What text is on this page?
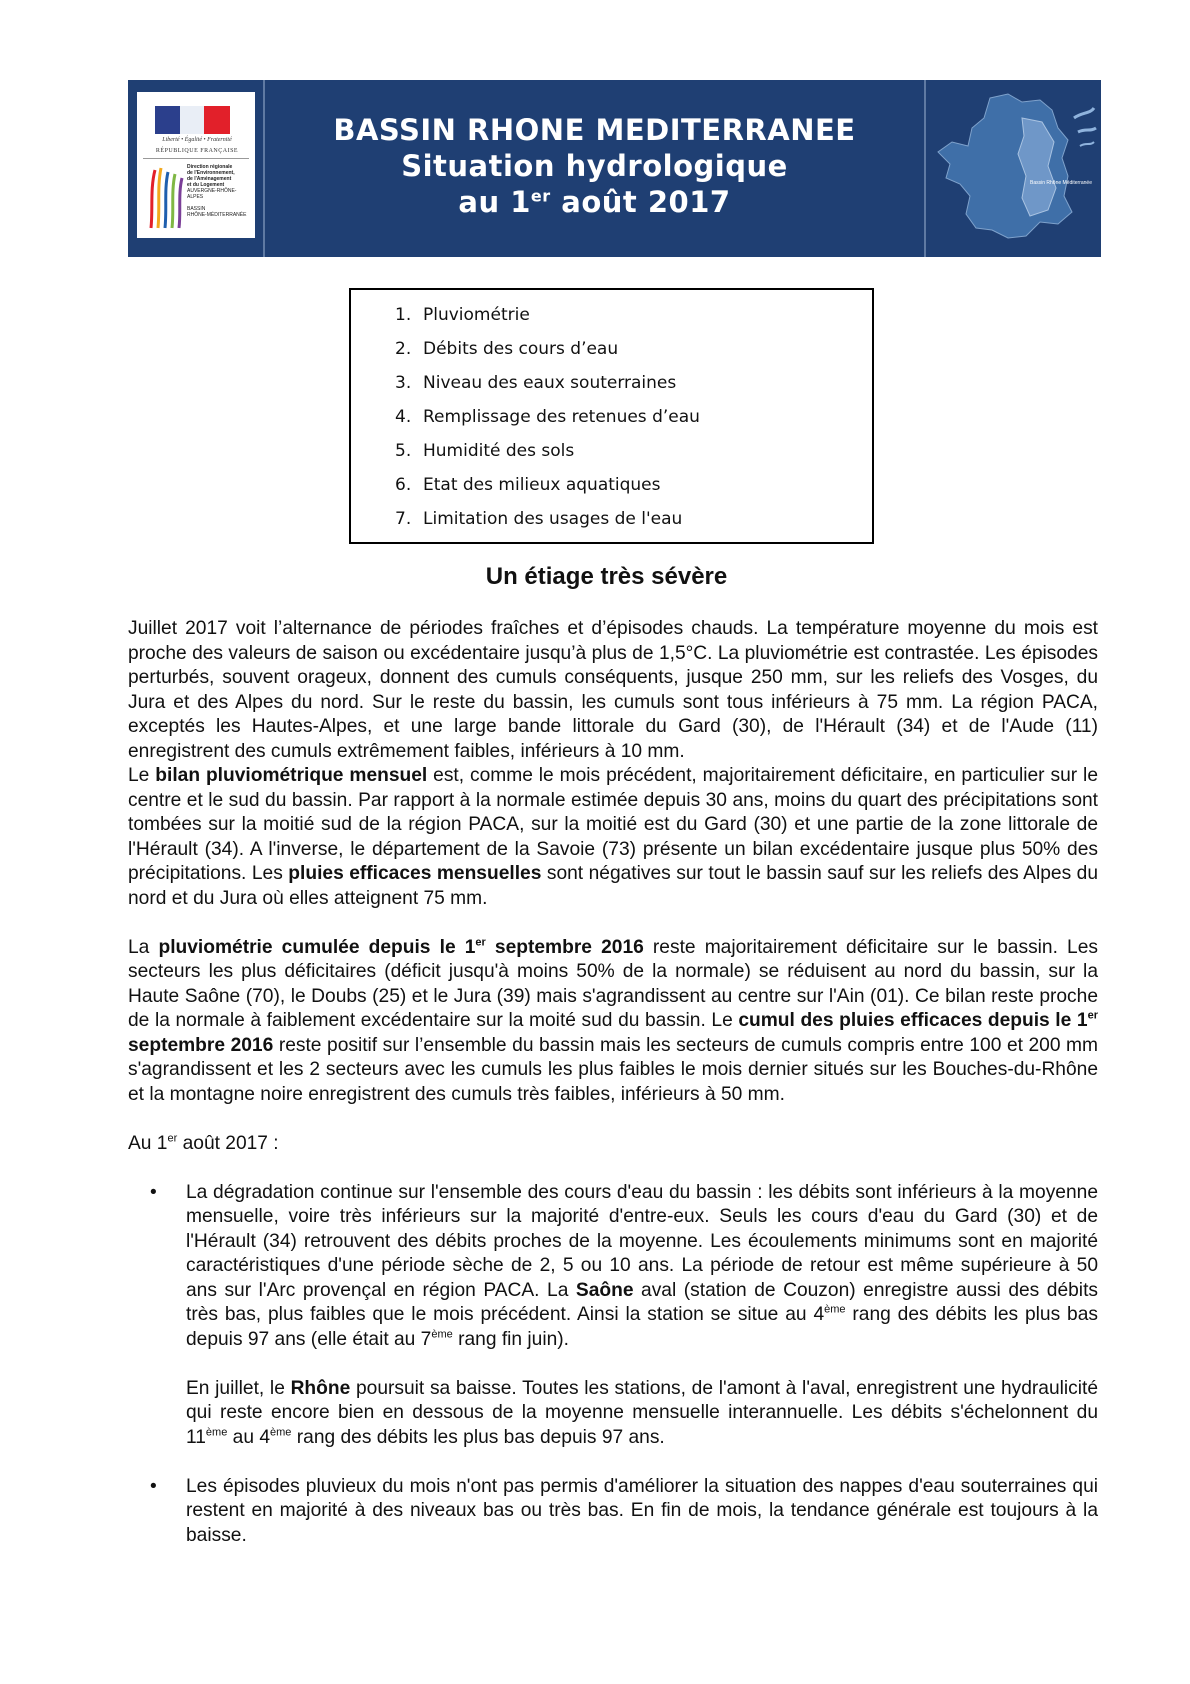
Liberté • Égalité • Fraternité
RÉPUBLIQUE FRANÇAISE
Direction régionale
de l'Environnement,
de l'Aménagement
et du Logement
AUVERGNE-RHÔNE-ALPES

BASSIN
RHÔNE-MÉDITERRANÉE
BASSIN RHONE MEDITERRANEE
Situation hydrologique
au 1er août 2017
Bassin Rhône Méditerranée
1. Pluviométrie
2. Débits des cours d’eau
3. Niveau des eaux souterraines
4. Remplissage des retenues d’eau
5. Humidité des sols
6. Etat des milieux aquatiques
7. Limitation des usages de l'eau
Un étiage très sévère

Juillet 2017 voit l’alternance de périodes fraîches et d’épisodes chauds. La température moyenne du mois est proche des valeurs de saison ou excédentaire jusqu’à plus de 1,5°C. La pluviométrie est contrastée. Les épisodes perturbés, souvent orageux, donnent des cumuls conséquents, jusque 250 mm, sur les reliefs des Vosges, du Jura et des Alpes du nord. Sur le reste du bassin, les cumuls sont tous inférieurs à 75 mm. La région PACA, exceptés les Hautes-Alpes, et une large bande littorale du Gard (30), de l'Hérault (34) et de l'Aude (11) enregistrent des cumuls extrêmement faibles, inférieurs à 10 mm.

Le bilan pluviométrique mensuel est, comme le mois précédent, majoritairement déficitaire, en particulier sur le centre et le sud du bassin. Par rapport à la normale estimée depuis 30 ans, moins du quart des précipitations sont tombées sur la moitié sud de la région PACA, sur la moitié est du Gard (30) et une partie de la zone littorale de l'Hérault (34). A l'inverse, le département de la Savoie (73) présente un bilan excédentaire jusque plus 50% des précipitations. Les pluies efficaces mensuelles sont négatives sur tout le bassin sauf sur les reliefs des Alpes du nord et du Jura où elles atteignent 75 mm.

La pluviométrie cumulée depuis le 1er septembre 2016 reste majoritairement déficitaire sur le bassin. Les secteurs les plus déficitaires (déficit jusqu'à moins 50% de la normale) se réduisent au nord du bassin, sur la Haute Saône (70), le Doubs (25) et le Jura (39) mais s'agrandissent au centre sur l'Ain (01). Ce bilan reste proche de la normale à faiblement excédentaire sur la moité sud du bassin. Le cumul des pluies efficaces depuis le 1er septembre 2016 reste positif sur l’ensemble du bassin mais les secteurs de cumuls compris entre 100 et 200 mm s'agrandissent et les 2 secteurs avec les cumuls les plus faibles le mois dernier situés sur les Bouches-du-Rhône et la montagne noire enregistrent des cumuls très faibles, inférieurs à 50 mm.

Au 1er août 2017 :

• La dégradation continue sur l'ensemble des cours d'eau du bassin : les débits sont inférieurs à la moyenne mensuelle, voire très inférieurs sur la majorité d'entre-eux. Seuls les cours d'eau du Gard (30) et de l'Hérault (34) retrouvent des débits proches de la moyenne. Les écoulements minimums sont en majorité caractéristiques d'une période sèche de 2, 5 ou 10 ans. La période de retour est même supérieure à 50 ans sur l'Arc provençal en région PACA. La Saône aval (station de Couzon) enregistre aussi des débits très bas, plus faibles que le mois précédent. Ainsi la station se situe au 4ème rang des débits les plus bas depuis 97 ans (elle était au 7ème rang fin juin).

En juillet, le Rhône poursuit sa baisse. Toutes les stations, de l'amont à l'aval, enregistrent une hydraulicité qui reste encore bien en dessous de la moyenne mensuelle interannuelle. Les débits s'échelonnent du 11ème au 4ème rang des débits les plus bas depuis 97 ans.

• Les épisodes pluvieux du mois n'ont pas permis d'améliorer la situation des nappes d'eau souterraines qui restent en majorité à des niveaux bas ou très bas. En fin de mois, la tendance générale est toujours à la baisse.
